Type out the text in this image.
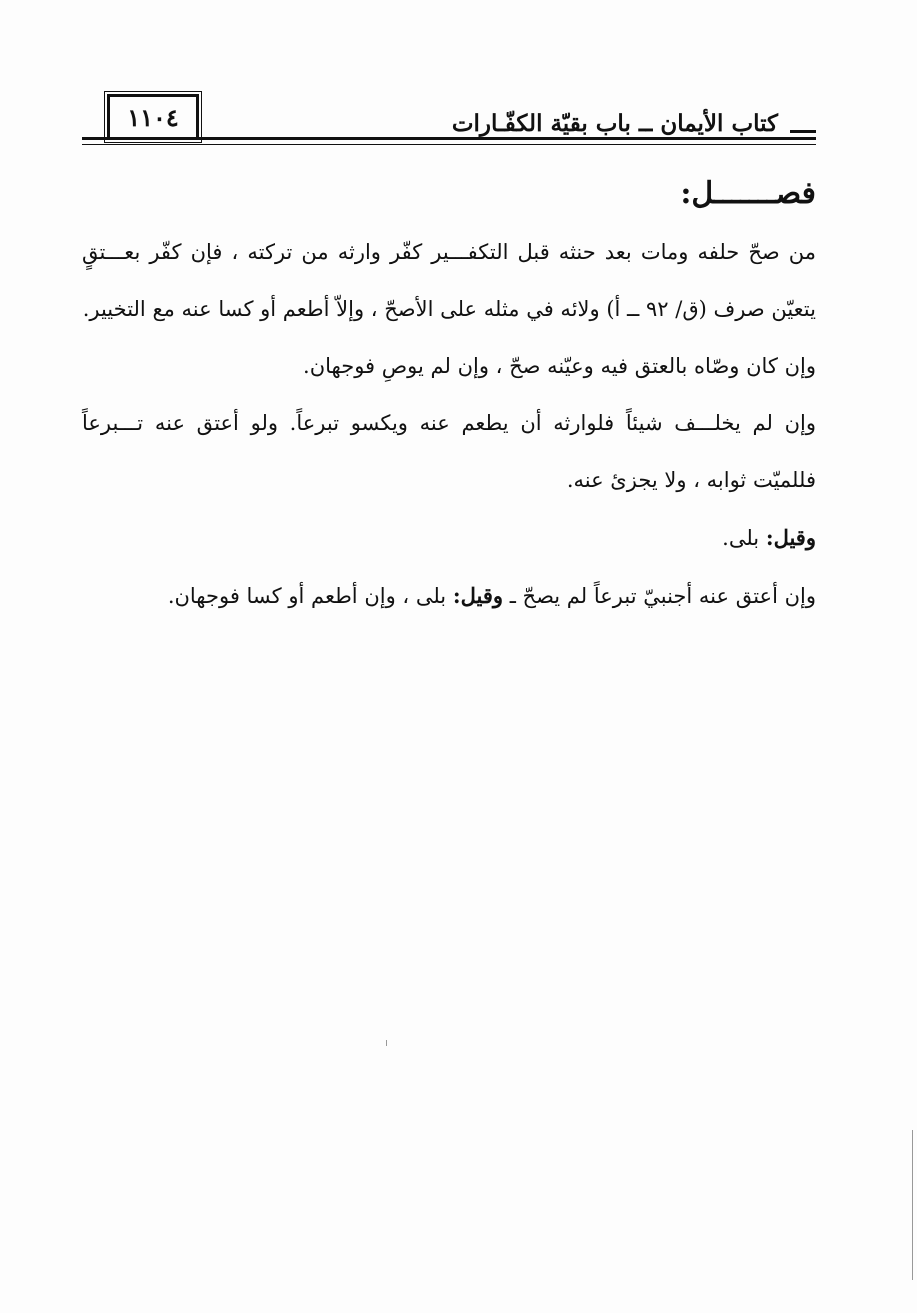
١١٠٤	كتاب الأيمان ــ باب بقيّة الكفّـارات
فصـــــــل:

من صحّ حلفه ومات بعد حنثه قبل التكفـــير كفّر وارثه من تركته ، فإن كفّر بعـــتقٍ يتعيّن صرف (ق/ ٩٢ ــ أ) ولائه في مثله على الأصحّ ، وإلاّ أطعم أو كسا عنه مع التخيير.

وإن كان وصّاه بالعتق فيه وعيّنه صحّ ، وإن لم يوصِ فوجهان.

وإن لم يخلـــف شيئاً فلوارثه أن يطعم عنه ويكسو تبرعاً. ولو أعتق عنه تـــبرعاً فللميّت ثوابه ، ولا يجزئ عنه.

وقيل: بلى.

وإن أعتق عنه أجنبيّ تبرعاً لم يصحّ ـ وقيل: بلى ، وإن أطعم أو كسا فوجهان.
